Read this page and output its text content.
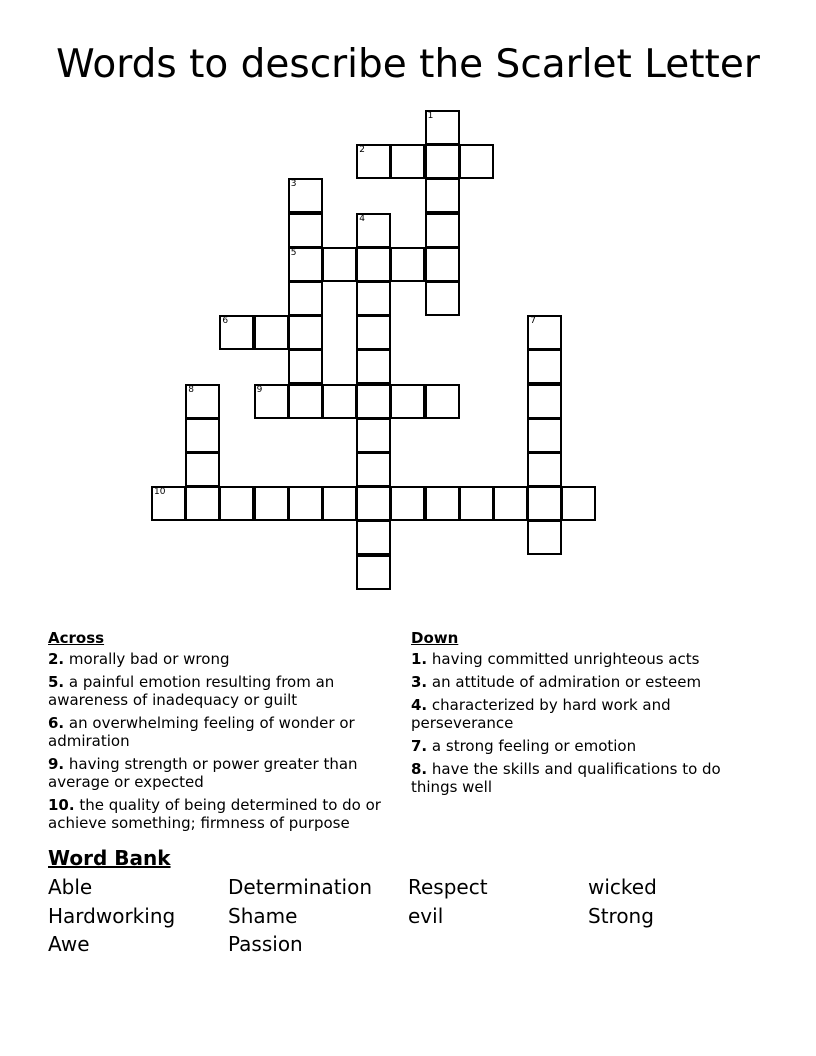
Words to describe the Scarlet Letter
1
2
3
4
5
6	7
8	9
10
Across
2. morally bad or wrong
5. a painful emotion resulting from an awareness of inadequacy or guilt
6. an overwhelming feeling of wonder or admiration
9. having strength or power greater than average or expected
10. the quality of being determined to do or achieve something; firmness of purpose
Down
1. having committed unrighteous acts
3. an attitude of admiration or esteem
4. characterized by hard work and perseverance
7. a strong feeling or emotion
8. have the skills and qualifications to do things well
Word Bank
Able	Determination	Respect	wicked
Hardworking	Shame	evil	Strong
Awe	Passion
